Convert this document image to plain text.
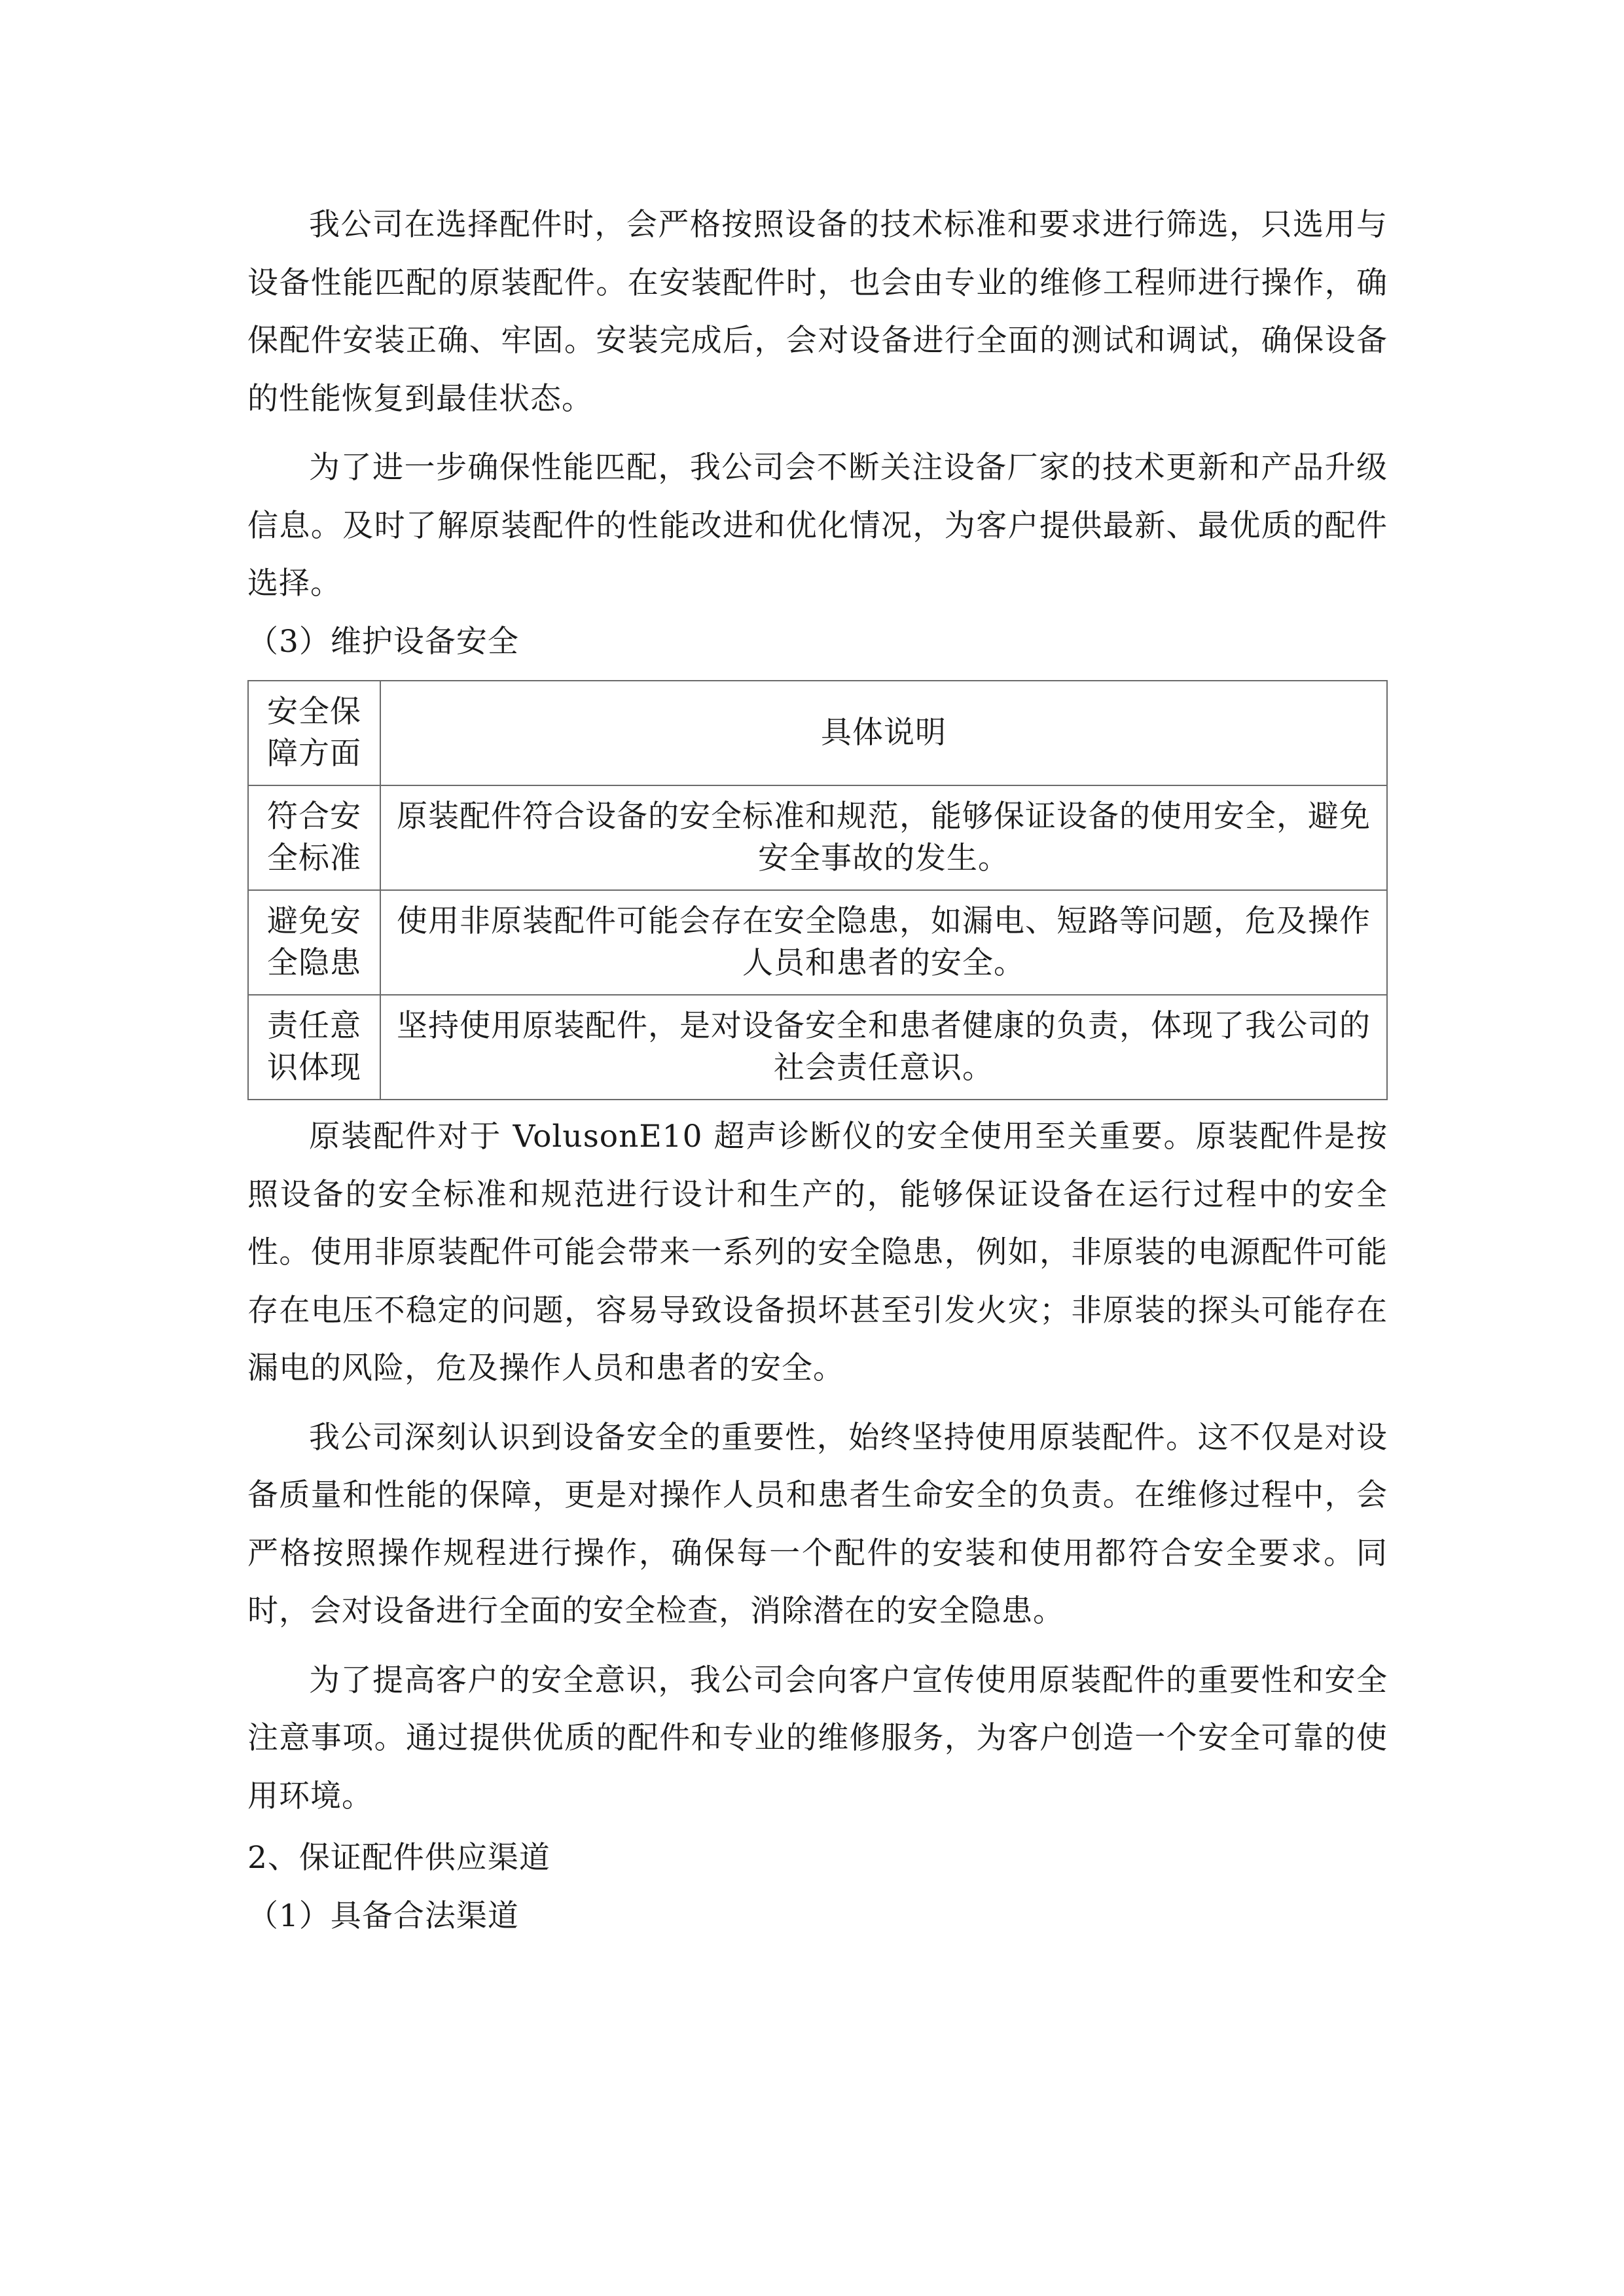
我公司在选择配件时，会严格按照设备的技术标准和要求进行筛选，只选用与设备性能匹配的原装配件。在安装配件时，也会由专业的维修工程师进行操作，确保配件安装正确、牢固。安装完成后，会对设备进行全面的测试和调试，确保设备的性能恢复到最佳状态。

为了进一步确保性能匹配，我公司会不断关注设备厂家的技术更新和产品升级信息。及时了解原装配件的性能改进和优化情况，为客户提供最新、最优质的配件选择。

（3）维护设备安全

安全保障方面	具体说明
符合安全标准	原装配件符合设备的安全标准和规范，能够保证设备的使用安全，避免安全事故的发生。
避免安全隐患	使用非原装配件可能会存在安全隐患，如漏电、短路等问题，危及操作人员和患者的安全。
责任意识体现	坚持使用原装配件，是对设备安全和患者健康的负责，体现了我公司的社会责任意识。

原装配件对于 VolusonE10 超声诊断仪的安全使用至关重要。原装配件是按照设备的安全标准和规范进行设计和生产的，能够保证设备在运行过程中的安全性。使用非原装配件可能会带来一系列的安全隐患，例如，非原装的电源配件可能存在电压不稳定的问题，容易导致设备损坏甚至引发火灾；非原装的探头可能存在漏电的风险，危及操作人员和患者的安全。

我公司深刻认识到设备安全的重要性，始终坚持使用原装配件。这不仅是对设备质量和性能的保障，更是对操作人员和患者生命安全的负责。在维修过程中，会严格按照操作规程进行操作，确保每一个配件的安装和使用都符合安全要求。同时，会对设备进行全面的安全检查，消除潜在的安全隐患。

为了提高客户的安全意识，我公司会向客户宣传使用原装配件的重要性和安全注意事项。通过提供优质的配件和专业的维修服务，为客户创造一个安全可靠的使用环境。

2、保证配件供应渠道

（1）具备合法渠道
